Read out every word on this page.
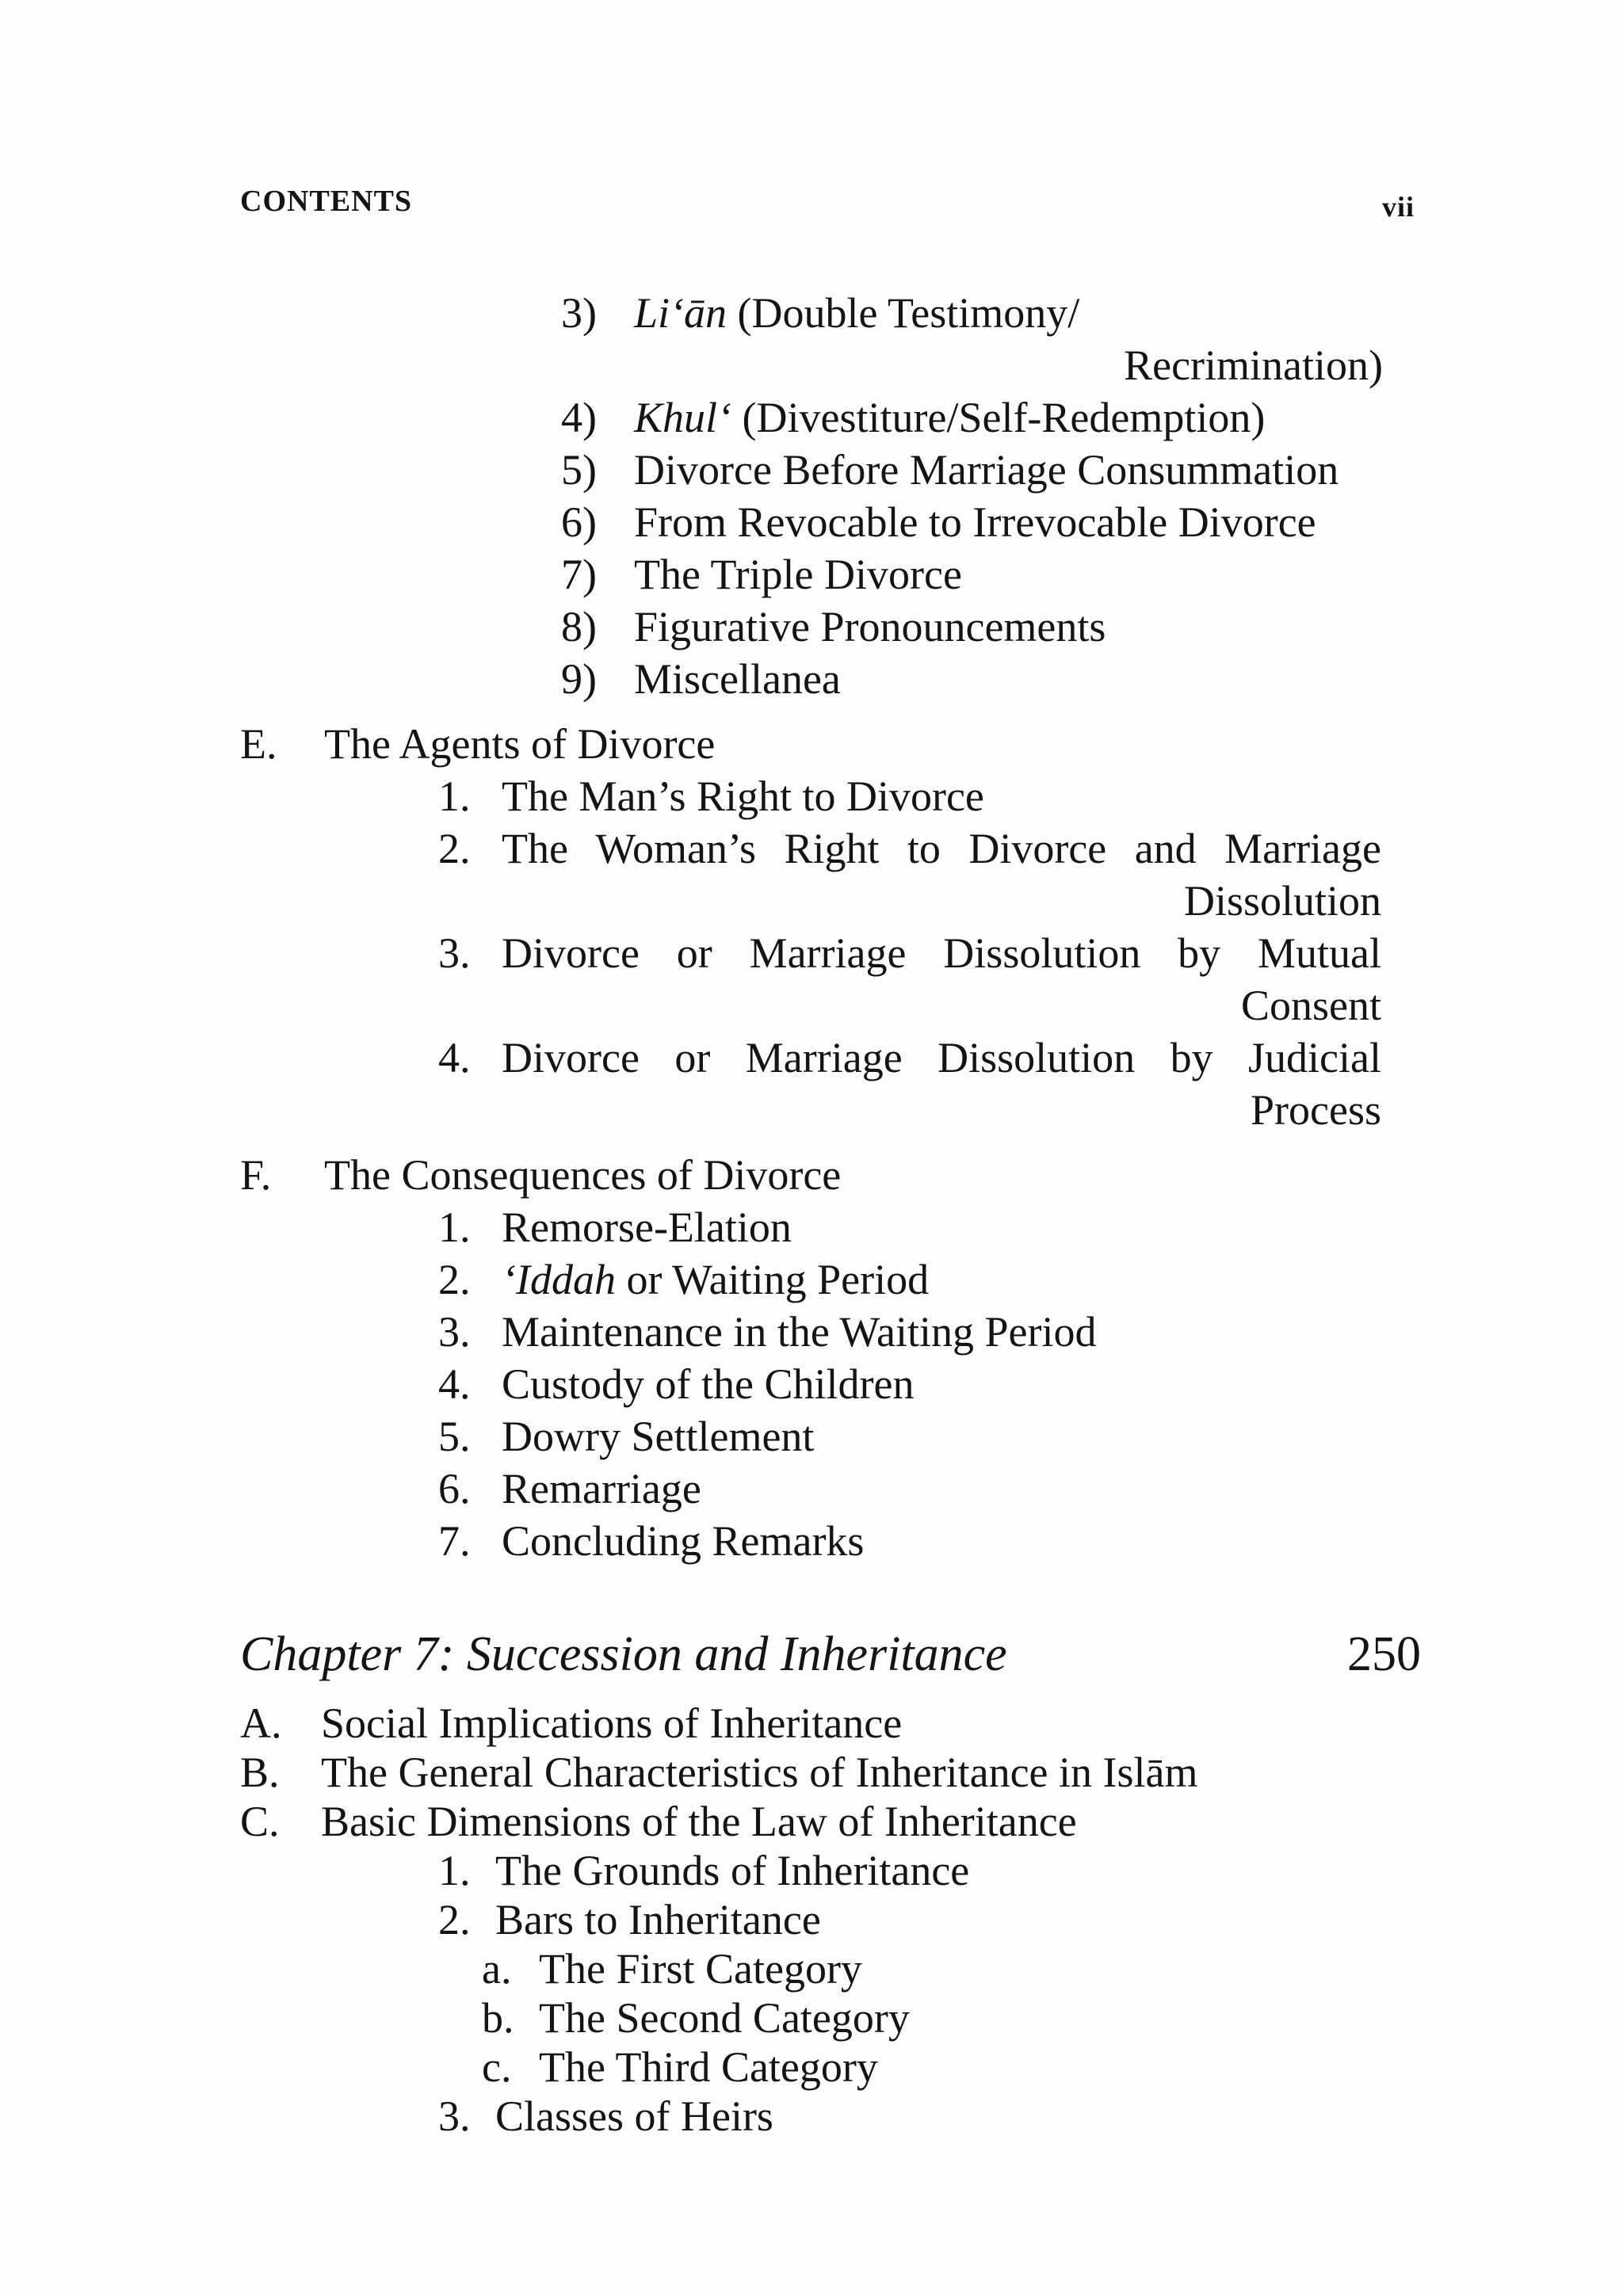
CONTENTS	vii
3) Li‘ān (Double Testimony/
Recrimination)
4) Khul‘ (Divestiture/Self-Redemption)
5) Divorce Before Marriage Consummation
6) From Revocable to Irrevocable Divorce
7) The Triple Divorce
8) Figurative Pronouncements
9) Miscellanea
E. The Agents of Divorce
1. The Man’s Right to Divorce
2. The Woman’s Right to Divorce and Marriage
Dissolution
3. Divorce or Marriage Dissolution by Mutual
Consent
4. Divorce or Marriage Dissolution by Judicial
Process
F. The Consequences of Divorce
1. Remorse-Elation
2. ‘Iddah or Waiting Period
3. Maintenance in the Waiting Period
4. Custody of the Children
5. Dowry Settlement
6. Remarriage
7. Concluding Remarks
Chapter 7: Succession and Inheritance	250
A. Social Implications of Inheritance
B. The General Characteristics of Inheritance in Islām
C. Basic Dimensions of the Law of Inheritance
1. The Grounds of Inheritance
2. Bars to Inheritance
a. The First Category
b. The Second Category
c. The Third Category
3. Classes of Heirs
